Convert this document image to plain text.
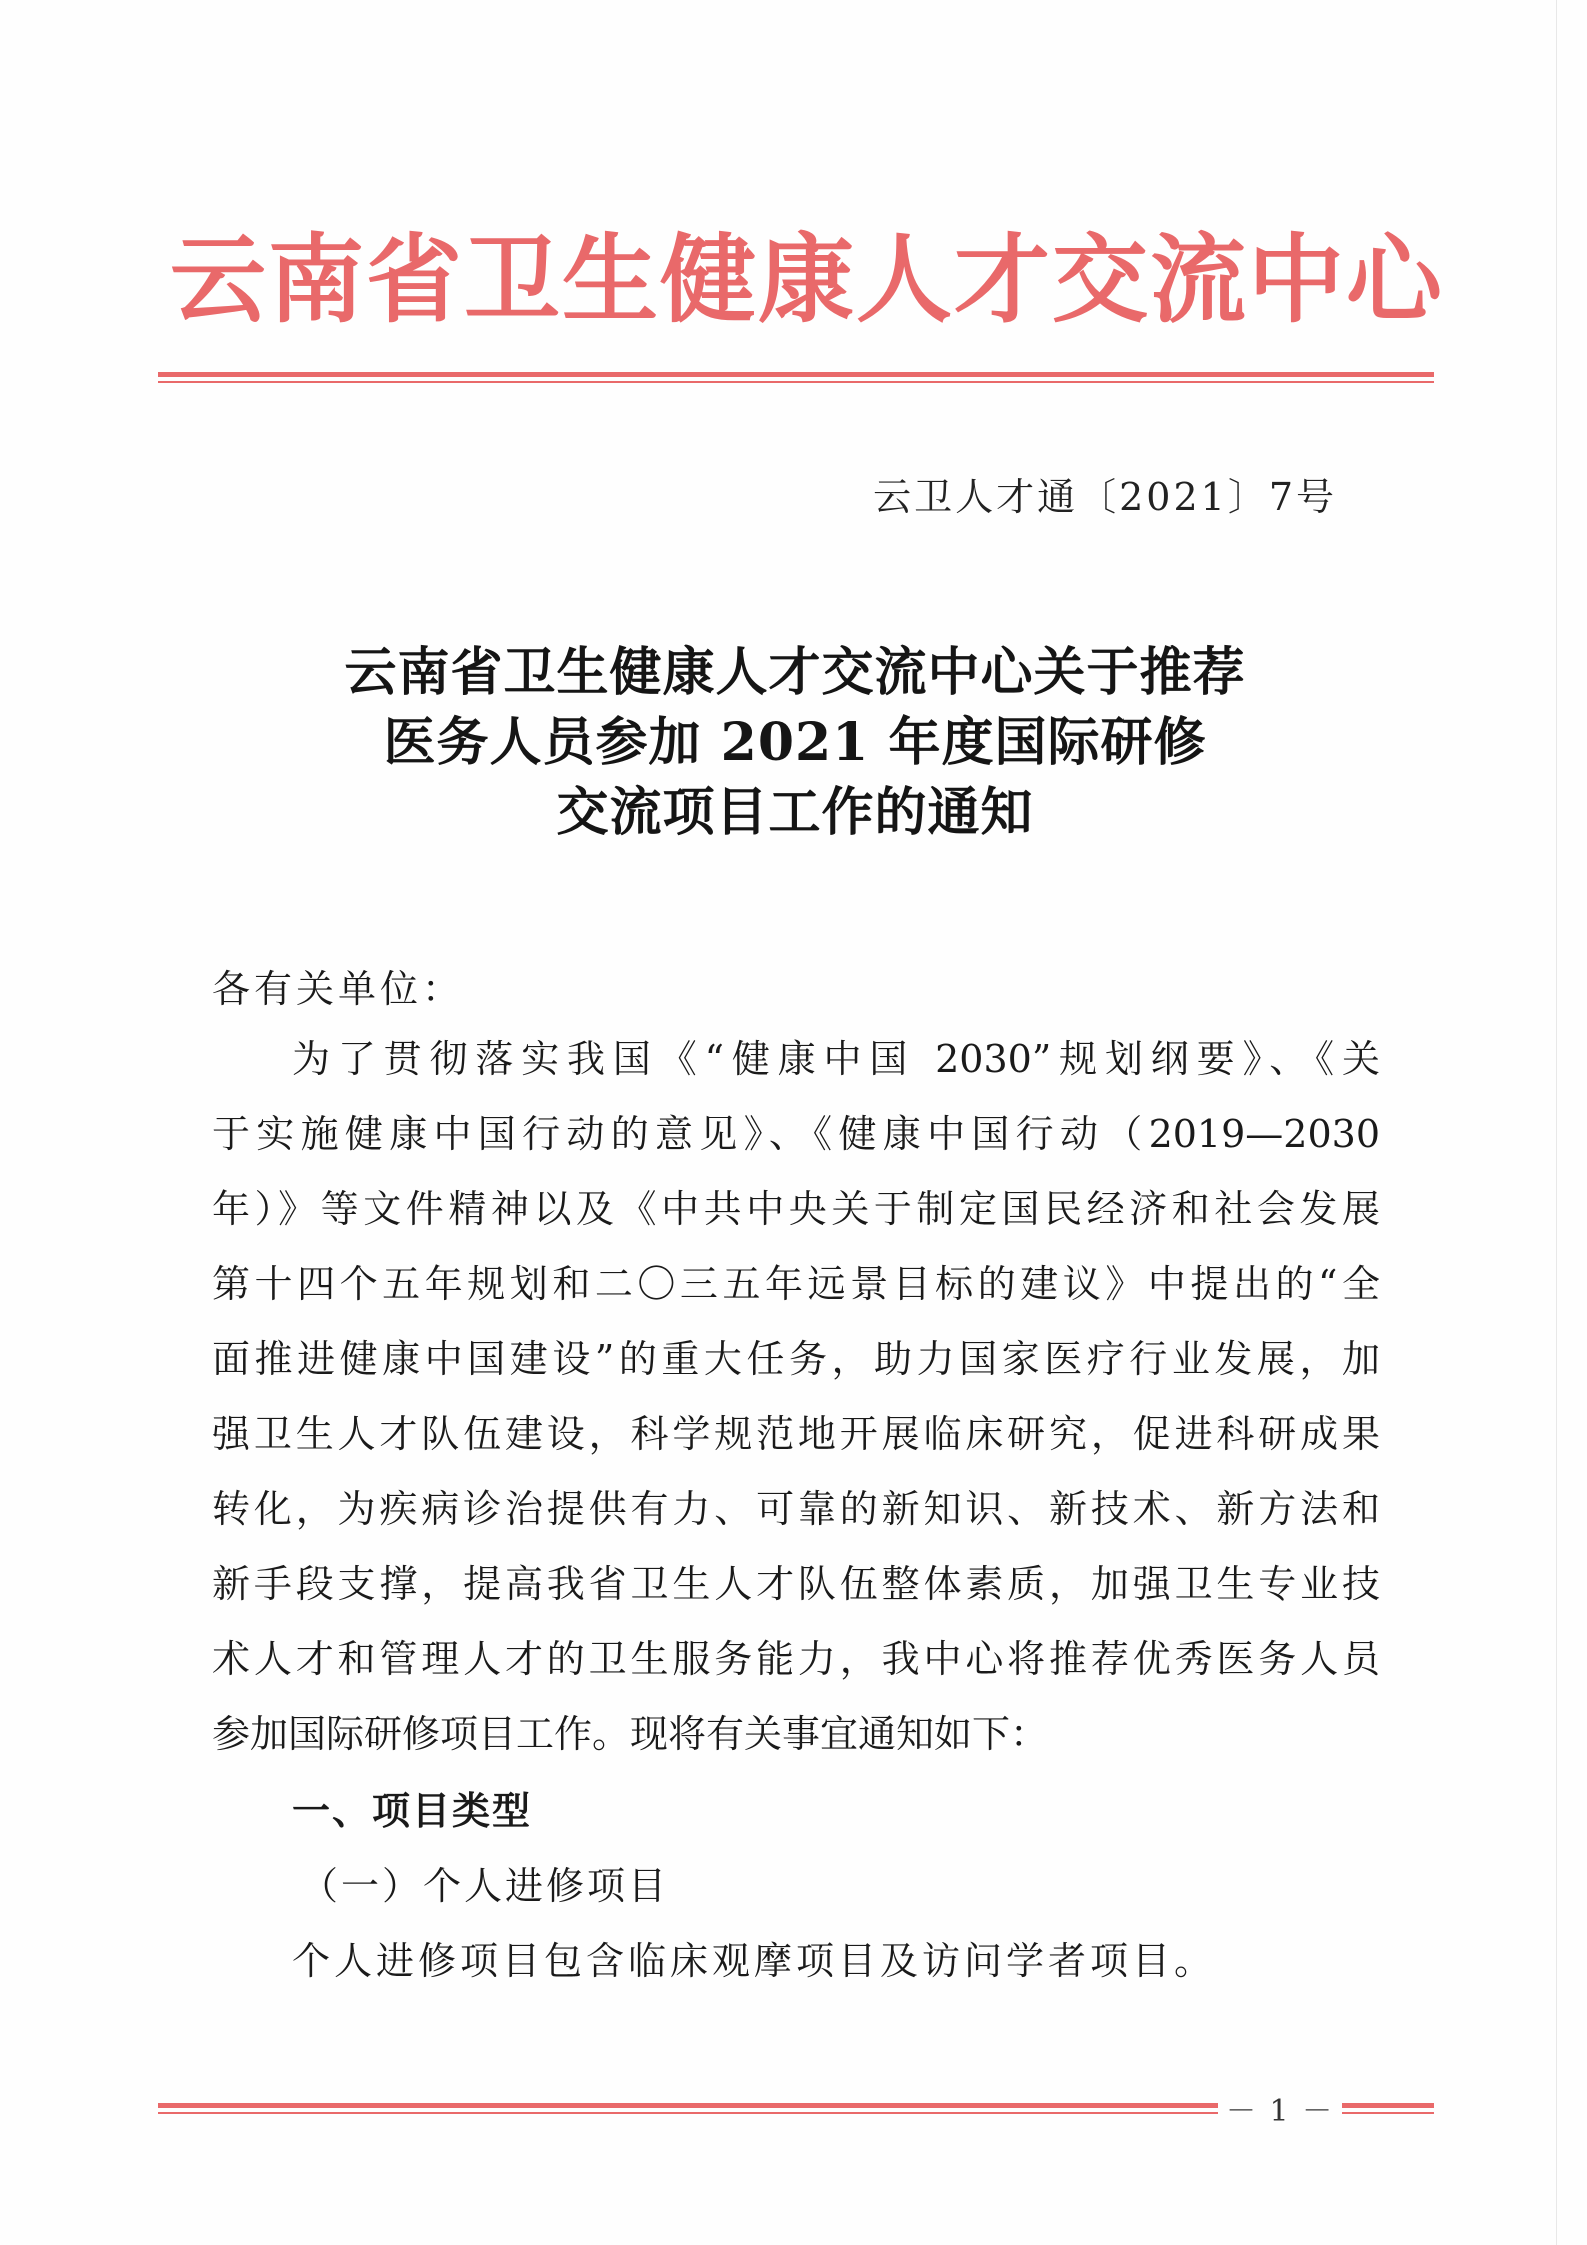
云南省卫生健康人才交流中心
云卫人才通〔2021〕7号
云南省卫生健康人才交流中心关于推荐
医务人员参加 2021 年度国际研修
交流项目工作的通知
各有关单位：
为了贯彻落实我国《“健康中国 2030”规划纲要》、《关
于实施健康中国行动的意见》、《健康中国行动（2019—2030
年）》等文件精神以及《中共中央关于制定国民经济和社会发展
第十四个五年规划和二〇三五年远景目标的建议》中提出的“全
面推进健康中国建设”的重大任务，助力国家医疗行业发展，加
强卫生人才队伍建设，科学规范地开展临床研究，促进科研成果
转化，为疾病诊治提供有力、可靠的新知识、新技术、新方法和
新手段支撑，提高我省卫生人才队伍整体素质，加强卫生专业技
术人才和管理人才的卫生服务能力，我中心将推荐优秀医务人员
参加国际研修项目工作。现将有关事宜通知如下：
一、项目类型
（一）个人进修项目
个人进修项目包含临床观摩项目及访问学者项目。
－ 1 －
